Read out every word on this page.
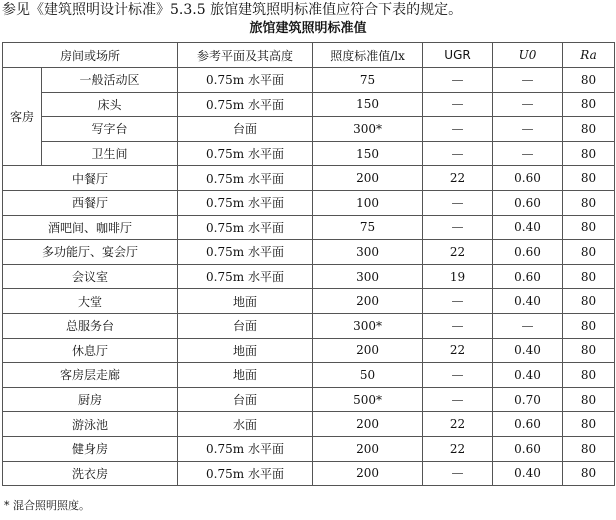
参见《建筑照明设计标准》5.3.5 旅馆建筑照明标准值应符合下表的规定。
旅馆建筑照明标准值
房间或场所		参考平面及其高度	照度标准值/lx	UGR	U0	Ra
客房	一般活动区	0.75m 水平面	75	—	—	80
	床头	0.75m 水平面	150	—	—	80
	写字台	台面	300*	—	—	80
	卫生间	0.75m 水平面	150	—	—	80
中餐厅		0.75m 水平面	200	22	0.60	80
西餐厅		0.75m 水平面	100	—	0.60	80
酒吧间、咖啡厅		0.75m 水平面	75	—	0.40	80
多功能厅、宴会厅		0.75m 水平面	300	22	0.60	80
会议室		0.75m 水平面	300	19	0.60	80
大堂		地面	200	—	0.40	80
总服务台		台面	300*	—	—	80
休息厅		地面	200	22	0.40	80
客房层走廊		地面	50	—	0.40	80
厨房		台面	500*	—	0.70	80
游泳池		水面	200	22	0.60	80
健身房		0.75m 水平面	200	22	0.60	80
洗衣房		0.75m 水平面	200	—	0.40	80
* 混合照明照度。
